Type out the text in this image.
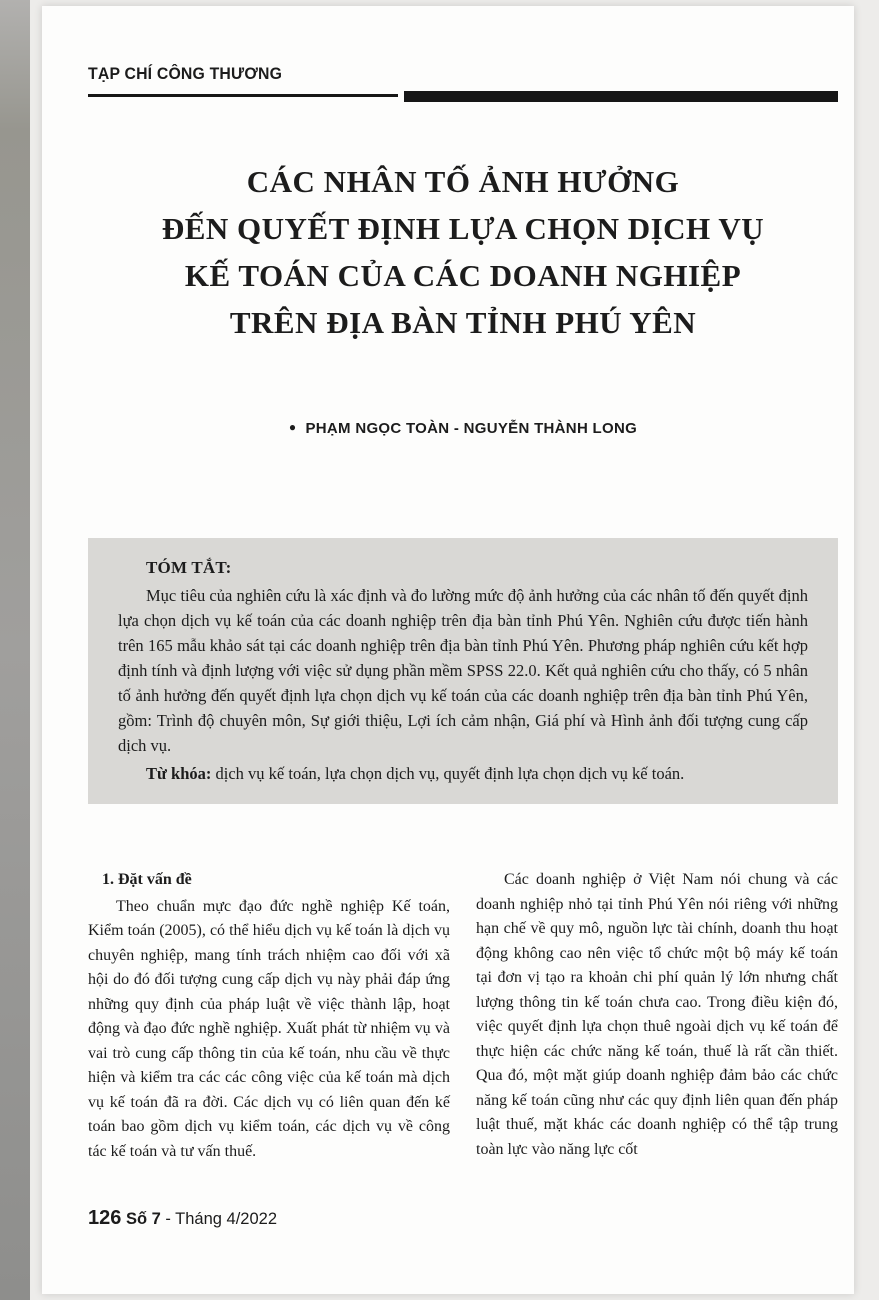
TẠP CHÍ CÔNG THƯƠNG
CÁC NHÂN TỐ ẢNH HƯỞNG
ĐẾN QUYẾT ĐỊNH LỰA CHỌN DỊCH VỤ
KẾ TOÁN CỦA CÁC DOANH NGHIỆP
TRÊN ĐỊA BÀN TỈNH PHÚ YÊN
● PHẠM NGỌC TOÀN - NGUYỄN THÀNH LONG
TÓM TẮT:

Mục tiêu của nghiên cứu là xác định và đo lường mức độ ảnh hưởng của các nhân tố đến quyết định lựa chọn dịch vụ kế toán của các doanh nghiệp trên địa bàn tỉnh Phú Yên. Nghiên cứu được tiến hành trên 165 mẫu khảo sát tại các doanh nghiệp trên địa bàn tỉnh Phú Yên. Phương pháp nghiên cứu kết hợp định tính và định lượng với việc sử dụng phần mềm SPSS 22.0. Kết quả nghiên cứu cho thấy, có 5 nhân tố ảnh hưởng đến quyết định lựa chọn dịch vụ kế toán của các doanh nghiệp trên địa bàn tỉnh Phú Yên, gồm: Trình độ chuyên môn, Sự giới thiệu, Lợi ích cảm nhận, Giá phí và Hình ảnh đối tượng cung cấp dịch vụ.

Từ khóa: dịch vụ kế toán, lựa chọn dịch vụ, quyết định lựa chọn dịch vụ kế toán.

1. Đặt vấn đề

Theo chuẩn mực đạo đức nghề nghiệp Kế toán, Kiểm toán (2005), có thể hiểu dịch vụ kế toán là dịch vụ chuyên nghiệp, mang tính trách nhiệm cao đối với xã hội do đó đối tượng cung cấp dịch vụ này phải đáp ứng những quy định của pháp luật về việc thành lập, hoạt động và đạo đức nghề nghiệp. Xuất phát từ nhiệm vụ và vai trò cung cấp thông tin của kế toán, nhu cầu về thực hiện và kiểm tra các các công việc của kế toán mà dịch vụ kế toán đã ra đời. Các dịch vụ có liên quan đến kế toán bao gồm dịch vụ kiểm toán, các dịch vụ về công tác kế toán và tư vấn thuế.

Các doanh nghiệp ở Việt Nam nói chung và các doanh nghiệp nhỏ tại tỉnh Phú Yên nói riêng với những hạn chế về quy mô, nguồn lực tài chính, doanh thu hoạt động không cao nên việc tổ chức một bộ máy kế toán tại đơn vị tạo ra khoản chi phí quản lý lớn nhưng chất lượng thông tin kế toán chưa cao. Trong điều kiện đó, việc quyết định lựa chọn thuê ngoài dịch vụ kế toán để thực hiện các chức năng kế toán, thuế là rất cần thiết. Qua đó, một mặt giúp doanh nghiệp đảm bảo các chức năng kế toán cũng như các quy định liên quan đến pháp luật thuế, mặt khác các doanh nghiệp có thể tập trung toàn lực vào năng lực cốt

126 Số 7 - Tháng 4/2022
